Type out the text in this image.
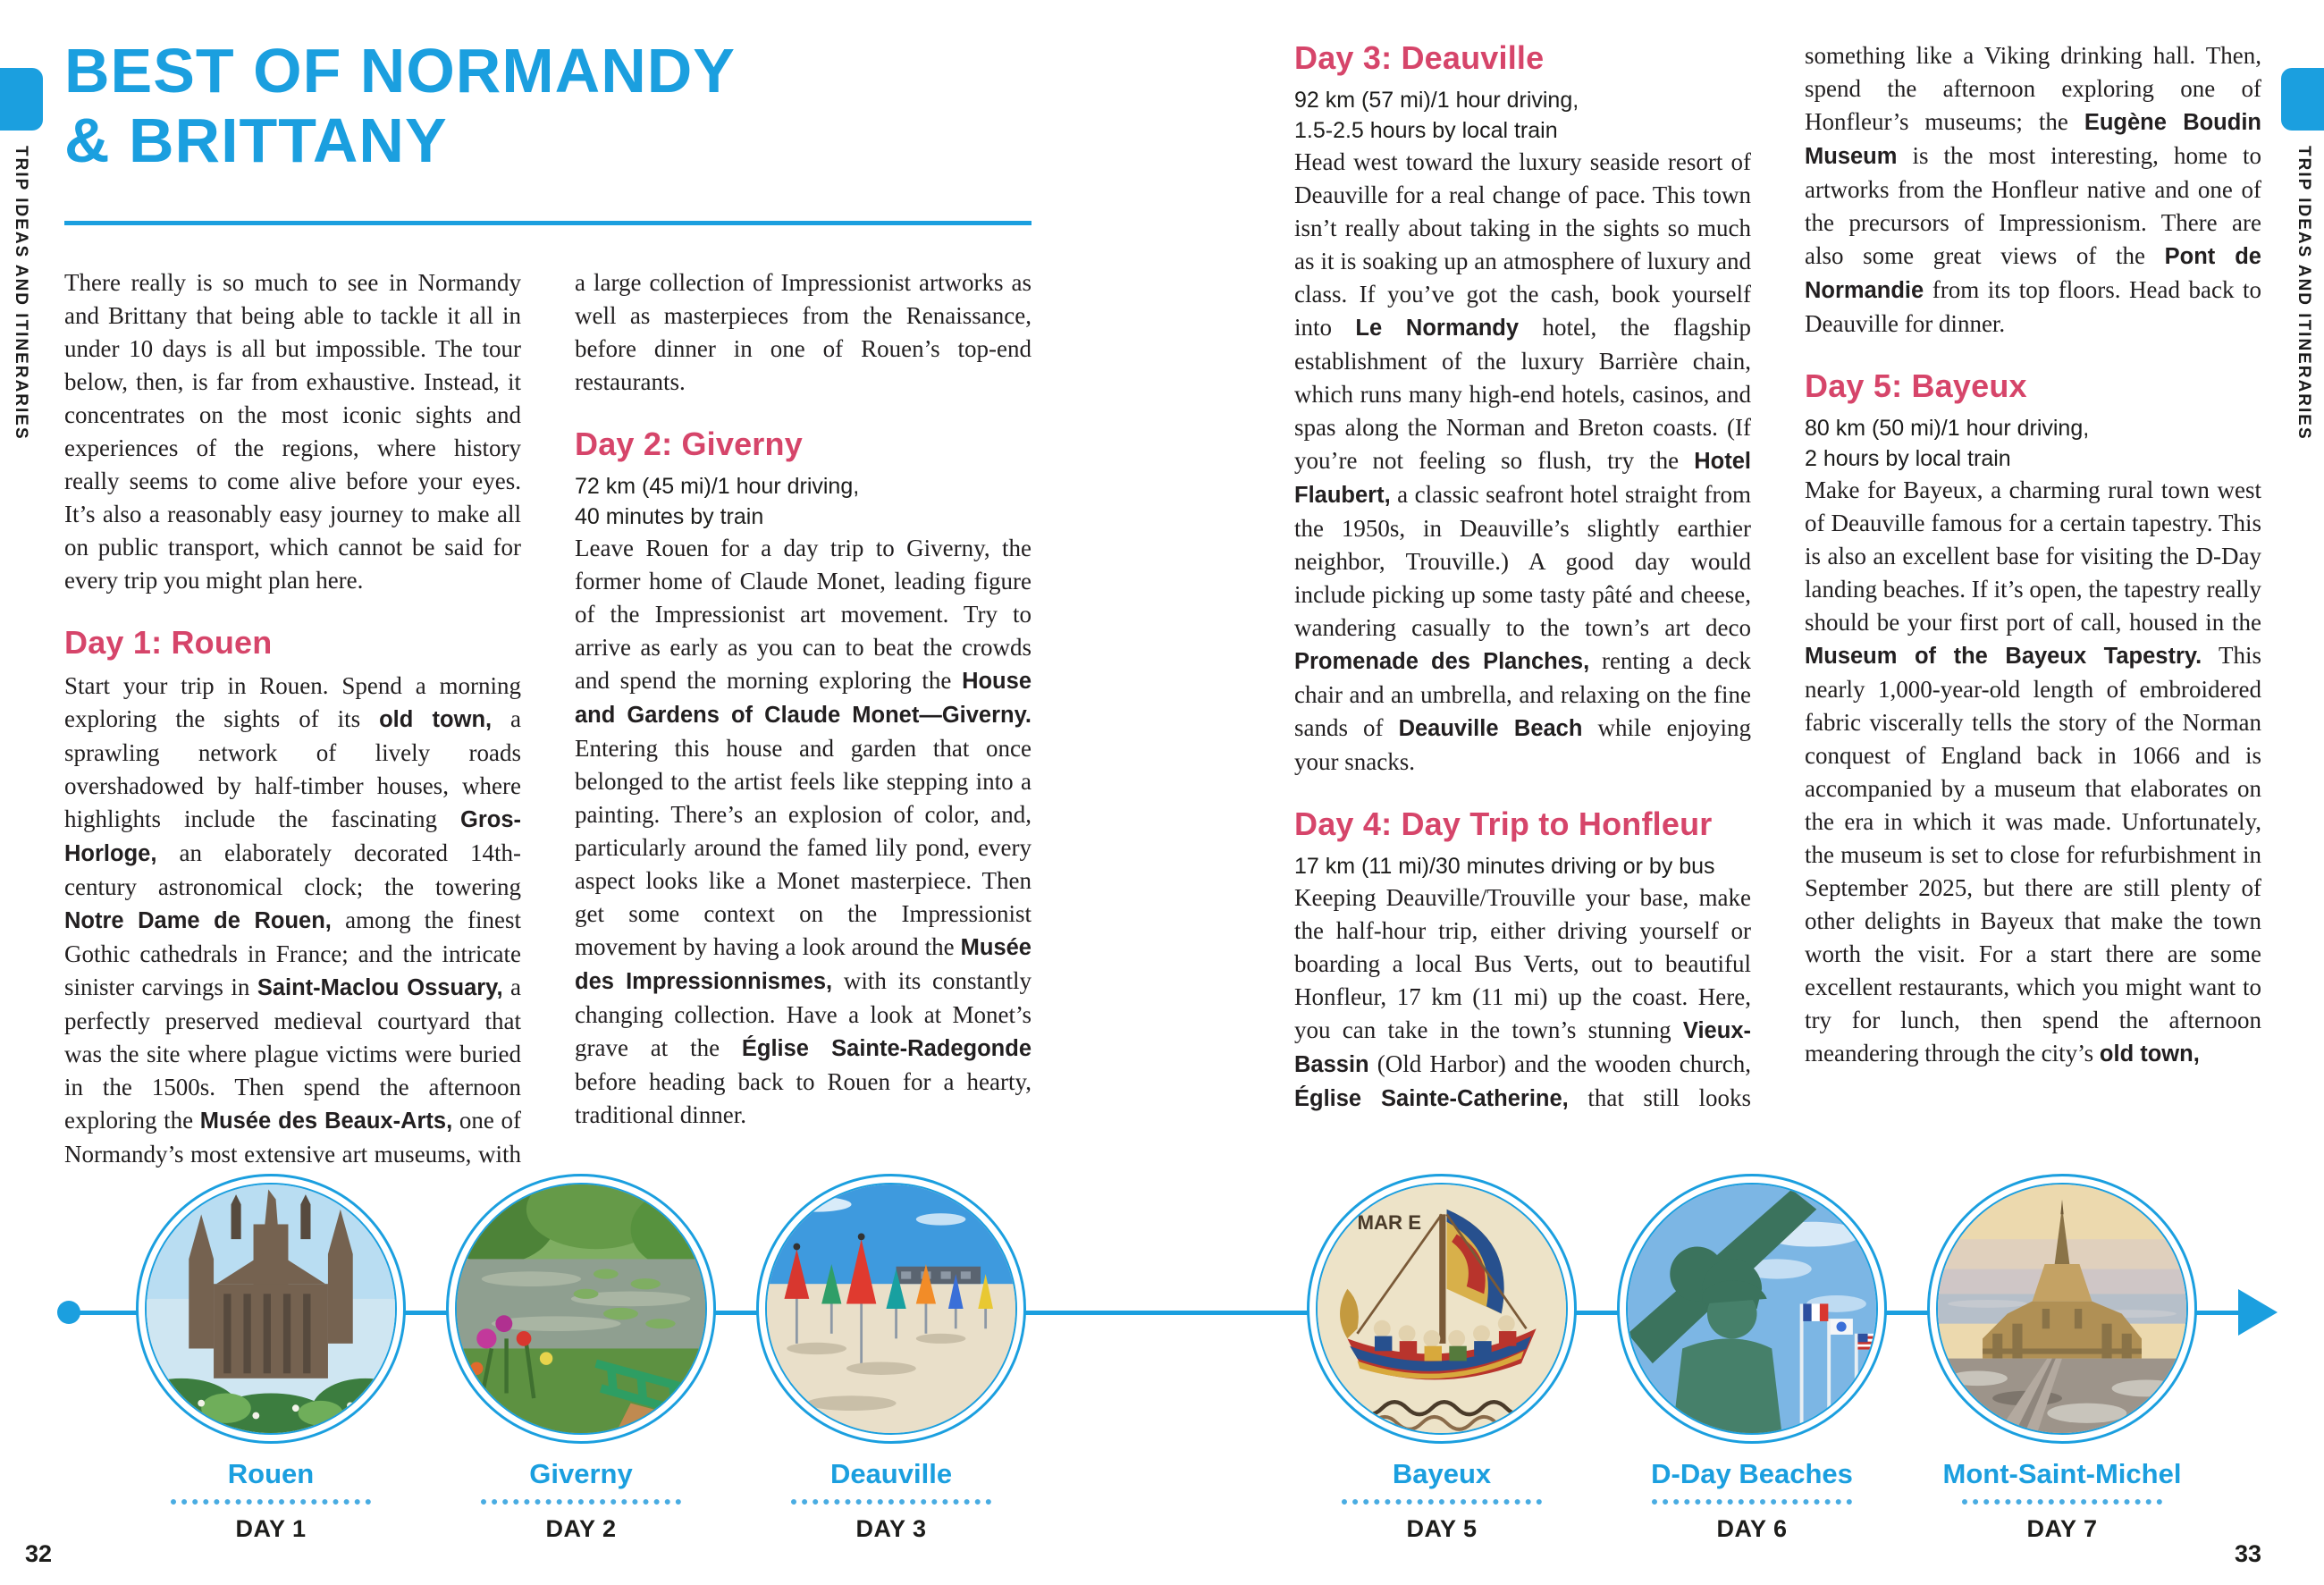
TRIP IDEAS AND ITINERARIES	TRIP IDEAS AND ITINERARIES
BEST OF NORMANDY
& BRITTANY

There really is so much to see in Normandy and Brittany that being able to tackle it all in under 10 days is all but impossible. The tour below, then, is far from exhaustive. Instead, it concentrates on the most iconic sights and experiences of the regions, where history really seems to come alive before your eyes. It’s also a reasonably easy journey to make all on public transport, which cannot be said for every trip you might plan here.

Day 1: Rouen

Start your trip in Rouen. Spend a morning exploring the sights of its old town, a sprawling network of lively roads overshadowed by half-timber houses, where highlights include the fascinating Gros-Horloge, an elaborately decorated 14th-century astronomical clock; the towering Notre Dame de Rouen, among the finest Gothic cathedrals in France; and the intricate sinister carvings in Saint-Maclou Ossuary, a perfectly preserved medieval courtyard that was the site where plague victims were buried in the 1500s. Then spend the afternoon exploring the Musée des Beaux-Arts, one of Normandy’s most extensive art museums, with a large collection of Impressionist artworks as well as masterpieces from the Renaissance, before dinner in one of Rouen’s top-end restaurants.

Day 2: Giverny

72 km (45 mi)/1 hour driving,

40 minutes by train

Leave Rouen for a day trip to Giverny, the former home of Claude Monet, leading figure of the Impressionist art movement. Try to arrive as early as you can to beat the crowds and spend the morning exploring the House and Gardens of Claude Monet—Giverny. Entering this house and garden that once belonged to the artist feels like stepping into a painting. There’s an explosion of color, and, particularly around the famed lily pond, every aspect looks like a Monet masterpiece. Then get some context on the Impressionist movement by having a look around the Musée des Impressionnismes, with its constantly changing collection. Have a look at Monet’s grave at the Église Sainte-Radegonde before heading back to Rouen for a hearty, traditional dinner.

Day 3: Deauville

92 km (57 mi)/1 hour driving,

1.5-2.5 hours by local train

Head west toward the luxury seaside resort of Deauville for a real change of pace. This town isn’t really about taking in the sights so much as it is soaking up an atmosphere of luxury and class. If you’ve got the cash, book yourself into Le Normandy hotel, the flagship establishment of the luxury Barrière chain, which runs many high-end hotels, casinos, and spas along the Norman and Breton coasts. (If you’re not feeling so flush, try the Hotel Flaubert, a classic seafront hotel straight from the 1950s, in Deauville’s slightly earthier neighbor, Trouville.) A good day would include picking up some tasty pâté and cheese, wandering casually to the town’s art deco Promenade des Planches, renting a deck chair and an umbrella, and relaxing on the fine sands of Deauville Beach while enjoying your snacks.

Day 4: Day Trip to Honfleur

17 km (11 mi)/30 minutes driving or by bus

Keeping Deauville/Trouville your base, make the half-hour trip, either driving yourself or boarding a local Bus Verts, out to beautiful Honfleur, 17 km (11 mi) up the coast. Here, you can take in the town’s stunning Vieux-Bassin (Old Harbor) and the wooden church, Église Sainte-Catherine, that still looks something like a Viking drinking hall. Then, spend the afternoon exploring one of Honfleur’s museums; the Eugène Boudin Museum is the most interesting, home to artworks from the Honfleur native and one of the precursors of Impressionism. There are also some great views of the Pont de Normandie from its top floors. Head back to Deauville for dinner.

Day 5: Bayeux

80 km (50 mi)/1 hour driving,

2 hours by local train

Make for Bayeux, a charming rural town west of Deauville famous for a certain tapestry. This is also an excellent base for visiting the D-Day landing beaches. If it’s open, the tapestry really should be your first port of call, housed in the Museum of the Bayeux Tapestry. This nearly 1,000-year-old length of embroidered fabric viscerally tells the story of the Norman conquest of England back in 1066 and is accompanied by a museum that elaborates on the era in which it was made. Unfortunately, the museum is set to close for refurbishment in September 2025, but there are still plenty of other delights in Bayeux that make the town worth the visit. For a start there are some excellent restaurants, which you might want to try for lunch, then spend the afternoon meandering through the city’s old town,

Rouen
DAY 1
Giverny
DAY 2
Deauville
DAY 3
MAR E
Bayeux
DAY 5
D-Day Beaches
DAY 6
Mont-Saint-Michel
DAY 7
32	33
